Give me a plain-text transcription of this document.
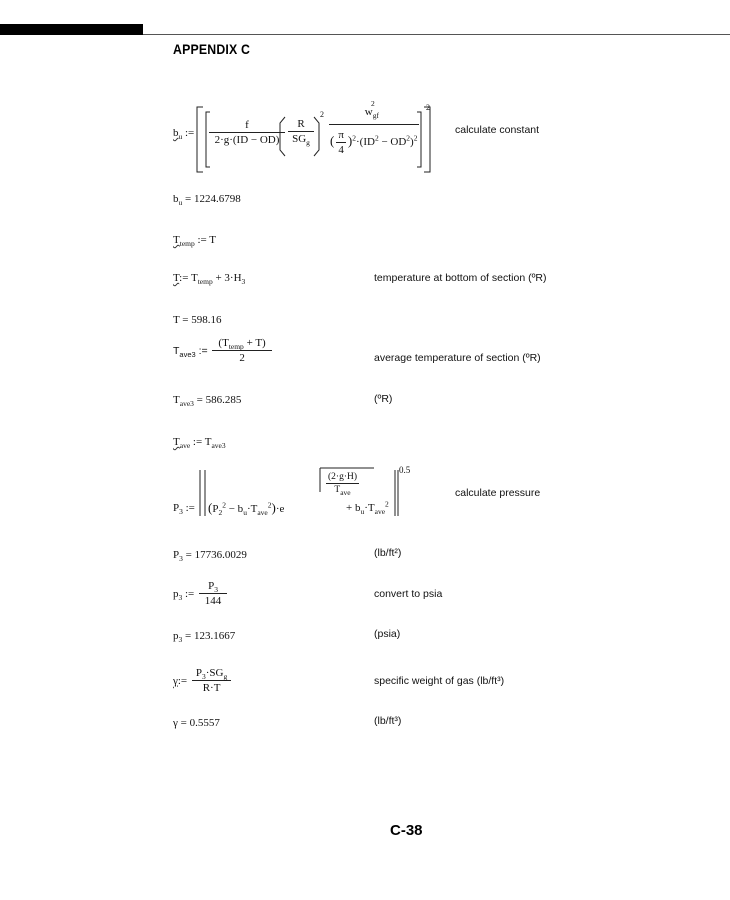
APPENDIX C
$b_u$ := $\frac{f}{2\cdot g\cdot(ID - OD)} \frac{R}{SG_g}$
$2 \frac{w_{gf}^2}{( \frac{\pi}{4} )^2\cdot(ID^2 - OD^2)^2} 2$
calculate constant
$b_u = 1224.6798$
$T_{temp}$ := T
T:= $T_{temp} + 3\cdot H_3$	temperature at bottom of section (ºR)
T = 598.16
$T_{ave3}$ := $\frac{(T_{temp} + T)}{2}$	average temperature of section (ºR)
$T_{ave3} = 586.285$	(ºR)
$T_{ave}$ := $T_{ave3}$
$P_3$ := $(P_2^2 - b_u\cdot T_{ave}^2)\cdot e$
$\frac{(2\cdot g\cdot H)}{T_{ave}}$
+ $b_u\cdot T_{ave}^2$
0.5
calculate pressure
$P_3 = 17736.0029$	(lb/ft²)
$p_3$ := $\frac{P_3}{144}$	convert to psia
$p_3 = 123.1667$	(psia)
γ:= $\frac{P_3\cdot SG_g}{R\cdot T}$	specific weight of gas (lb/ft³)
γ = 0.5557	(lb/ft³)
C-38
